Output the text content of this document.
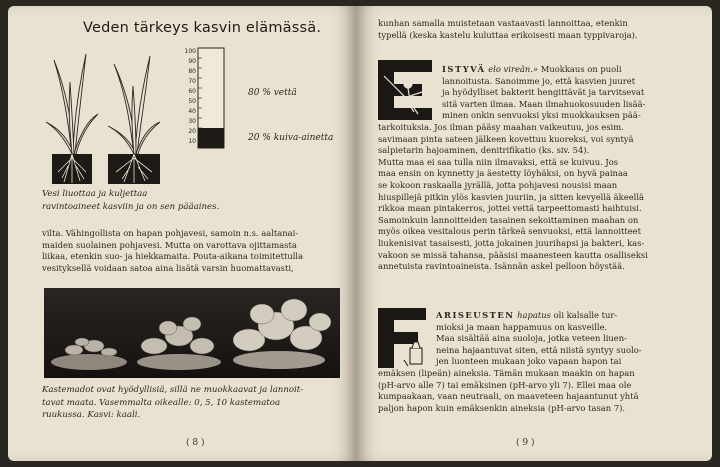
Veden tärkeys kasvin elämässä.
100
90
80
70
60
50
40
30
20
10
80 % vettä
20 % kuiva-ainetta
Vesi liuottaa ja kuljettaa
ravintoaineet kasviin ja on sen pääaines.
vilta. Vähingollista on hapan pohjavesi, samoin n.s. aaltanai-
maiden suolainen pohjavesi. Mutta on varottava ojittamasta
liikaa, etenkin suo- ja hiekkamaita. Pouta-aikana toimitettulla
vesityksellä voidaan satoa aina lisätä varsin huomattavasti,
Kastemadot ovat hyödyllisiä, sillä ne muokkaavat ja lannoit-
tavat maata. Vasemmalta oikealle: 0, 5, 10 kastematoa
ruukussa. Kasvi: kaali.
( 8 )
kunhan samalla muistetaan vastaavasti lannoittaa, etenkin
typellä (keska kastelu kuluttaa erikoisesti maan typpivaroja).
ISTYVÄ elo vireän.» Muokkaus on puoli
lannoitusta. Sanoimme jo, että kasvien juuret
ja hyödylliset bakterit hengittävät ja tarvitsevat
sitä varten ilmaa. Maan ilmahuokosuuden lisää-
minen onkin senvuoksi yksi muokkauksen pää-
tarkoituksia. Jos ilman pääsy maahan vaikeutuu, jos esim.
savimaan pinta sateen jälkeen kovettuu kuoreksi, voi syntyä
salpietarin hajoaminen, denitrifikatio (ks. siv. 54).
Mutta maa ei saa tulla niin ilmavaksi, että se kuivuu. Jos
maa ensin on kynnetty ja äestetty löyhäksi, on hyvä painaa
se kokoon raskaalla jyrällä, jotta pohjavesi nousisi maan
hiuspillejä pitkin ylös kasvien juuriin, ja sitten kevyellä äkeellä
rikkoa maan pintakerros, jottei vettä tarpeettomasti haihtuisi.
Samoinkuin lannoitteiden tasainen sekoittaminen maahan on
myös oikea vesitalous perin tärkeä senvuoksi, että lannoitteet
liukenisivat tasaisesti, jotta jokainen juurihapsi ja bakteri, kas-
vakoon se missä tahansa, pääsisi maanesteen kautta osalliseksi
annetuista ravintoaineista. Isännän askel pelloon höystää.
ARISEUSTEN hapatus oli kalsalle tur-
mioksi ja maan happamuus on kasveille.
Maa sisältää aina suoloja, jotka veteen liuen-
neina hajaantuvat siten, että niistä syntyy suolo-
jen luonteen mukaan joko vapaan hapon tai
emäksen (lipeän) aineksia. Tämän mukaan maakin on hapan
(pH-arvo alle 7) tai emäksinen (pH-arvo yli 7). Ellei maa ole
kumpaakaan, vaan neutraali, on maaveteen hajaantunut yhtä
paljon hapon kuin emäksenkin aineksia (pH-arvo tasan 7).
( 9 )
